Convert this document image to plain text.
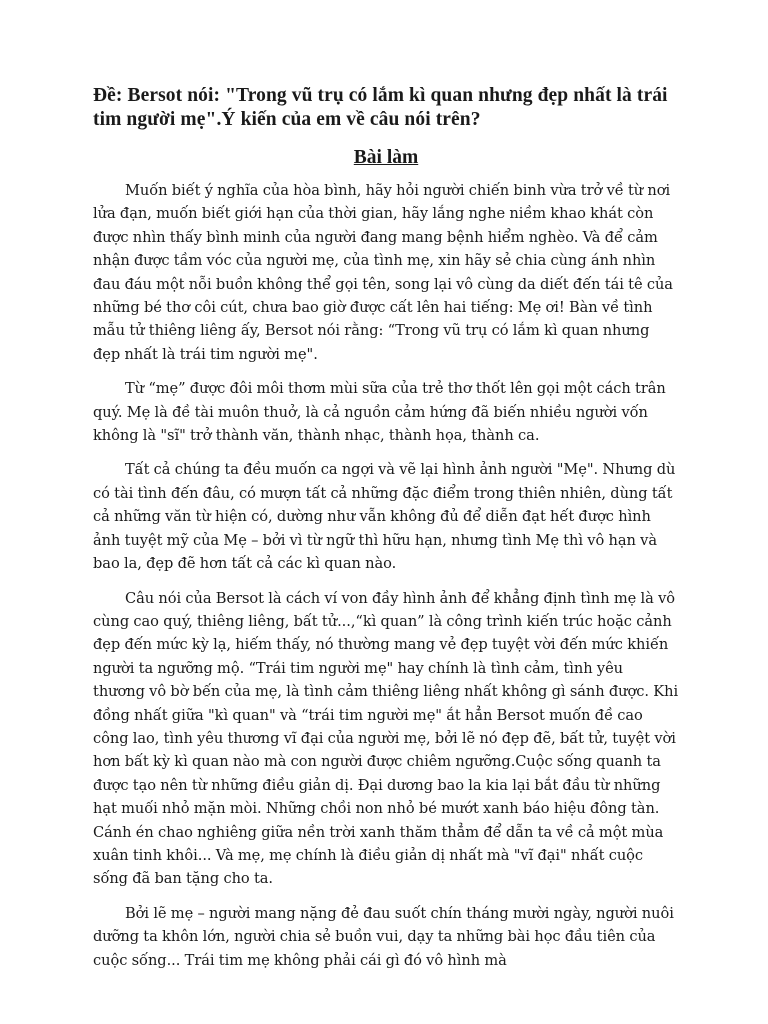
Đề: Bersot nói: "Trong vũ trụ có lắm kì quan nhưng đẹp nhất là trái tim người mẹ".Ý kiến của em về câu nói trên?
Bài làm

Muốn biết ý nghĩa của hòa bình, hãy hỏi người chiến binh vừa trở về từ nơi lửa đạn, muốn biết giới hạn của thời gian, hãy lắng nghe niềm khao khát còn được nhìn thấy bình minh của người đang mang bệnh hiểm nghèo. Và để cảm nhận được tầm vóc của người mẹ, của tình mẹ, xin hãy sẻ chia cùng ánh nhìn đau đáu một nỗi buồn không thể gọi tên, song lại vô cùng da diết đến tái tê của những bé thơ côi cút, chưa bao giờ được cất lên hai tiếng: Mẹ ơi! Bàn về tình mẫu tử thiêng liêng ấy, Bersot nói rằng: “Trong vũ trụ có lắm kì quan nhưng đẹp nhất là trái tim người mẹ".

Từ “mẹ” được đôi môi thơm mùi sữa của trẻ thơ thốt lên gọi một cách trân quý. Mẹ là đề tài muôn thuở, là cả nguồn cảm hứng đã biến nhiều người vốn không là "sĩ" trở thành văn, thành nhạc, thành họa, thành ca.

Tất cả chúng ta đều muốn ca ngợi và vẽ lại hình ảnh người "Mẹ". Nhưng dù có tài tình đến đâu, có mượn tất cả những đặc điểm trong thiên nhiên, dùng tất cả những văn từ hiện có, dường như vẫn không đủ để diễn đạt hết được hình ảnh tuyệt mỹ của Mẹ – bởi vì từ ngữ thì hữu hạn, nhưng tình Mẹ thì vô hạn và bao la, đẹp đẽ hơn tất cả các kì quan nào.

Câu nói của Bersot là cách ví von đầy hình ảnh để khẳng định tình mẹ là vô cùng cao quý, thiêng liêng, bất tử...,“kì quan” là công trình kiến trúc hoặc cảnh đẹp đến mức kỳ lạ, hiếm thấy, nó thường mang vẻ đẹp tuyệt vời đến mức khiến người ta ngưỡng mộ. “Trái tim người mẹ" hay chính là tình cảm, tình yêu thương vô bờ bến của mẹ, là tình cảm thiêng liêng nhất không gì sánh được. Khi đồng nhất giữa "kì quan" và “trái tim người mẹ" ắt hẳn Bersot muốn đề cao công lao, tình yêu thương vĩ đại của người mẹ, bởi lẽ nó đẹp đẽ, bất tử, tuyệt vời hơn bất kỳ kì quan nào mà con người được chiêm ngưỡng.Cuộc sống quanh ta được tạo nên từ những điều giản dị. Đại dương bao la kia lại bắt đầu từ những hạt muối nhỏ mặn mòi. Những chồi non nhỏ bé mướt xanh báo hiệu đông tàn. Cánh én chao nghiêng giữa nền trời xanh thăm thẳm để dẫn ta về cả một mùa xuân tinh khôi... Và mẹ, mẹ chính là điều giản dị nhất mà "vĩ đại" nhất cuộc sống đã ban tặng cho ta.

Bởi lẽ mẹ – người mang nặng đẻ đau suốt chín tháng mười ngày, người nuôi dưỡng ta khôn lớn, người chia sẻ buồn vui, dạy ta những bài học đầu tiên của cuộc sống... Trái tim mẹ không phải cái gì đó vô hình mà
